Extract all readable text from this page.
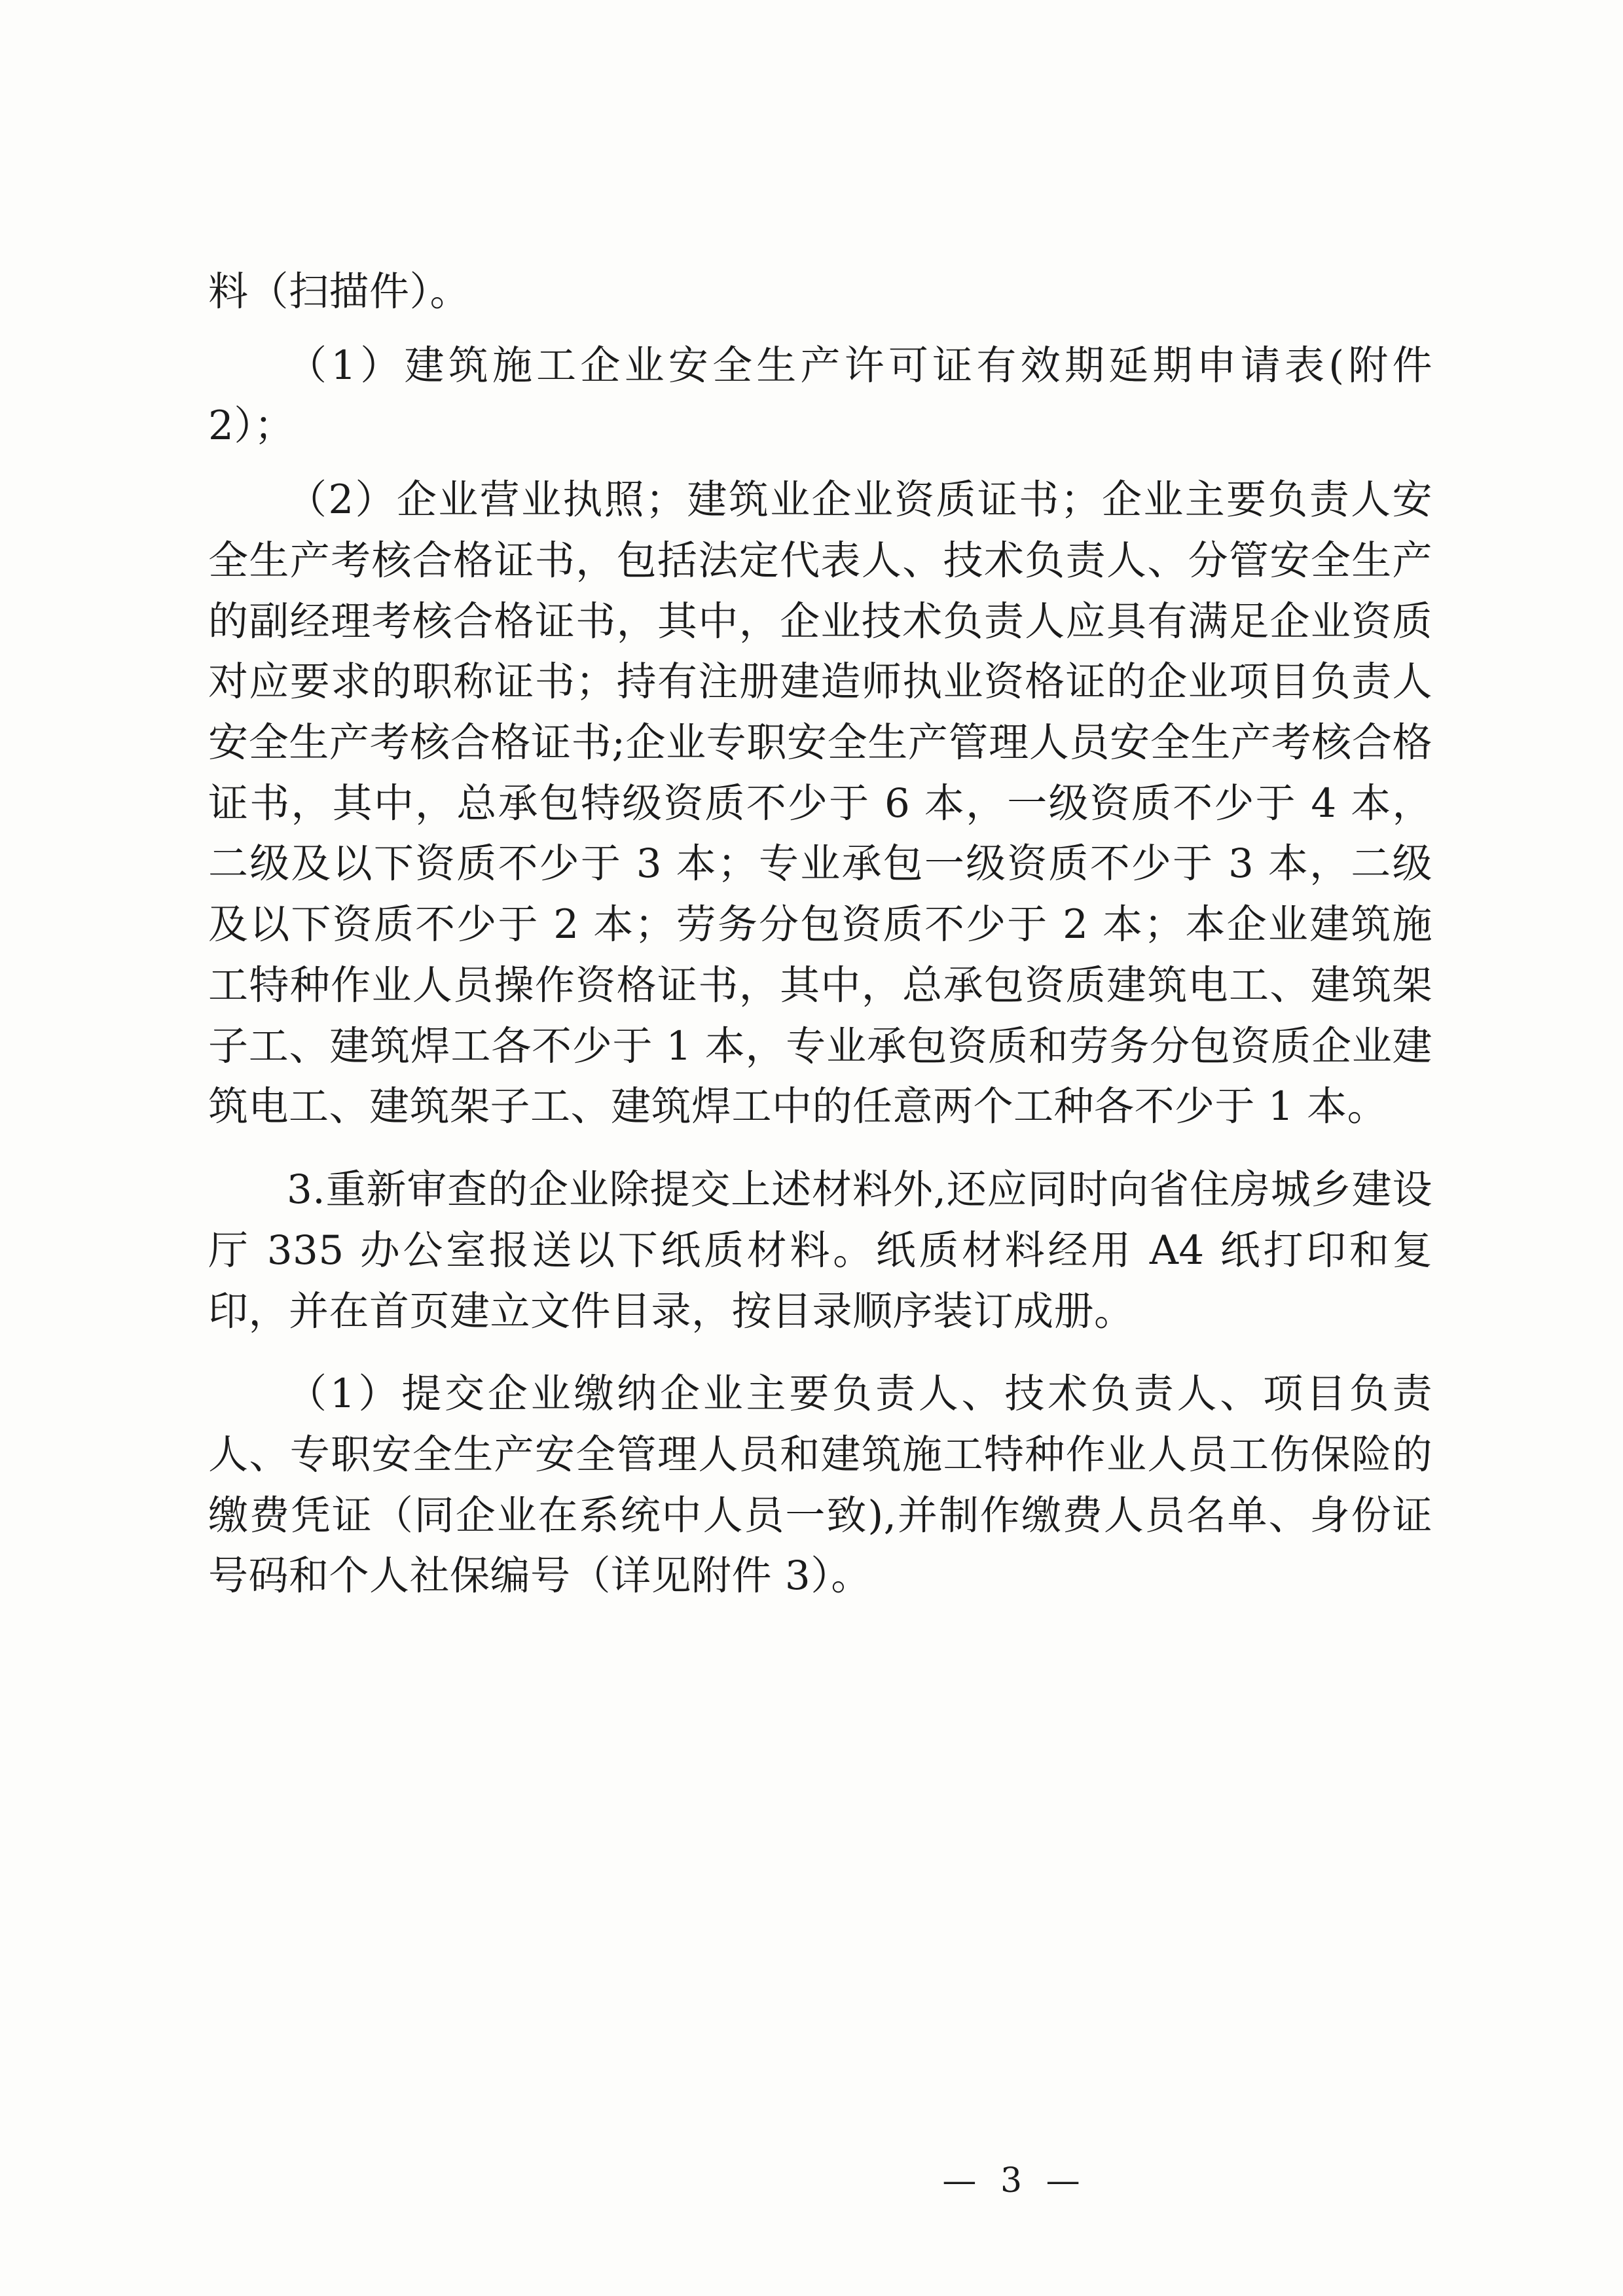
料（扫描件）。

（1）建筑施工企业安全生产许可证有效期延期申请表(附件 2）；

（2）企业营业执照；建筑业企业资质证书；企业主要负责人安全生产考核合格证书，包括法定代表人、技术负责人、分管安全生产的副经理考核合格证书，其中，企业技术负责人应具有满足企业资质对应要求的职称证书；持有注册建造师执业资格证的企业项目负责人安全生产考核合格证书;企业专职安全生产管理人员安全生产考核合格证书，其中，总承包特级资质不少于 6 本，一级资质不少于 4 本，二级及以下资质不少于 3 本；专业承包一级资质不少于 3 本，二级及以下资质不少于 2 本；劳务分包资质不少于 2 本；本企业建筑施工特种作业人员操作资格证书，其中，总承包资质建筑电工、建筑架子工、建筑焊工各不少于 1 本，专业承包资质和劳务分包资质企业建筑电工、建筑架子工、建筑焊工中的任意两个工种各不少于 1 本。

3.重新审查的企业除提交上述材料外,还应同时向省住房城乡建设厅 335 办公室报送以下纸质材料。纸质材料经用 A4 纸打印和复印，并在首页建立文件目录，按目录顺序装订成册。

（1）提交企业缴纳企业主要负责人、技术负责人、项目负责人、专职安全生产安全管理人员和建筑施工特种作业人员工伤保险的缴费凭证（同企业在系统中人员一致),并制作缴费人员名单、身份证号码和个人社保编号（详见附件 3）。

— 3 —
